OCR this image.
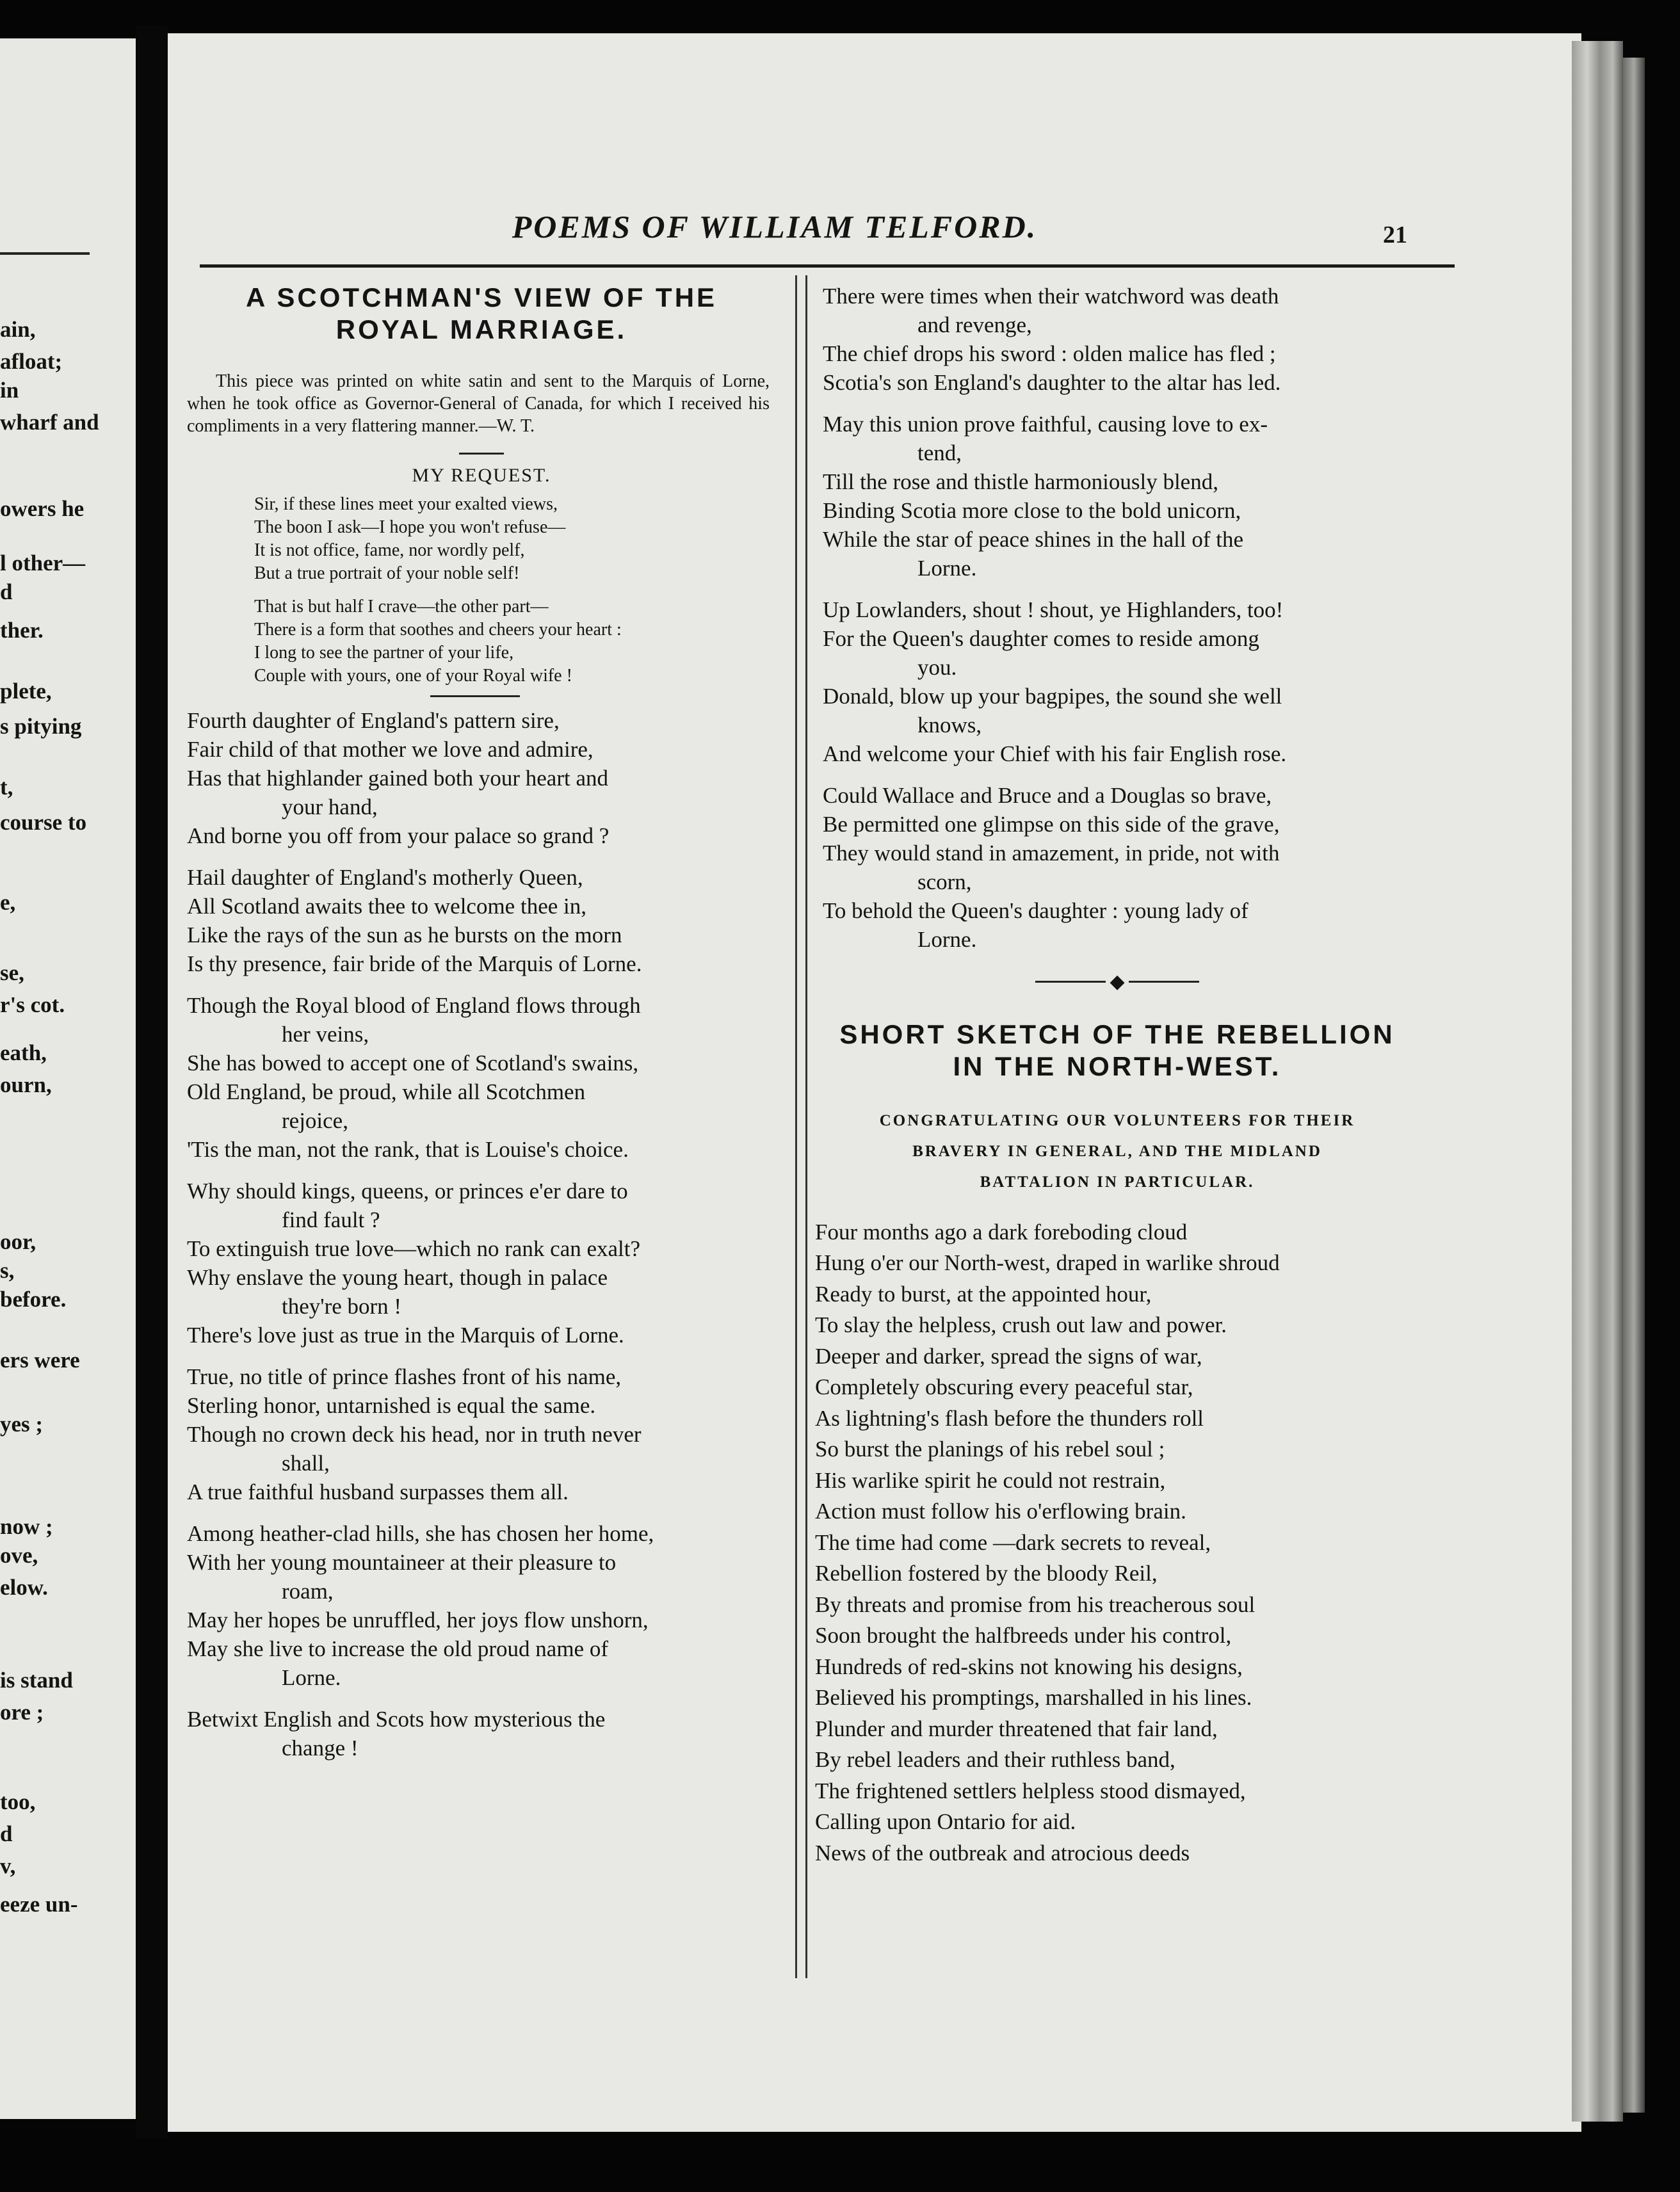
ain,
afloat;
in
wharf and
owers he
l other—
d
ther.
plete,
s pitying
t,
course to
e,
se,
r's cot.
eath,
ourn,
oor,
s,
before.
ers were
yes ;
now ;
ove,
elow.
is stand
ore ;
too,
d
v,
eeze un-
POEMS OF WILLIAM TELFORD.	21
A SCOTCHMAN'S VIEW OF THE
ROYAL MARRIAGE.

This piece was printed on white satin and sent to the Marquis of Lorne, when he took office as Governor-General of Canada, for which I received his compliments in a very flattering manner.—W. T.

MY REQUEST.

Sir, if these lines meet your exalted views,

The boon I ask—I hope you won't refuse—

It is not office, fame, nor wordly pelf,

But a true portrait of your noble self!

That is but half I crave—the other part—

There is a form that soothes and cheers your heart :

I long to see the partner of your life,

Couple with yours, one of your Royal wife !

Fourth daughter of England's pattern sire,
Fair child of that mother we love and admire,
Has that highlander gained both your heart and
your hand,
And borne you off from your palace so grand ?
Hail daughter of England's motherly Queen,
All Scotland awaits thee to welcome thee in,
Like the rays of the sun as he bursts on the morn
Is thy presence, fair bride of the Marquis of Lorne.
Though the Royal blood of England flows through
her veins,
She has bowed to accept one of Scotland's swains,
Old England, be proud, while all Scotchmen
rejoice,
'Tis the man, not the rank, that is Louise's choice.
Why should kings, queens, or princes e'er dare to
find fault ?
To extinguish true love—which no rank can exalt?
Why enslave the young heart, though in palace
they're born !
There's love just as true in the Marquis of Lorne.
True, no title of prince flashes front of his name,
Sterling honor, untarnished is equal the same.
Though no crown deck his head, nor in truth never
shall,
A true faithful husband surpasses them all.
Among heather-clad hills, she has chosen her home,
With her young mountaineer at their pleasure to
roam,
May her hopes be unruffled, her joys flow unshorn,
May she live to increase the old proud name of
Lorne.
Betwixt English and Scots how mysterious the
change !
There were times when their watchword was death
and revenge,
The chief drops his sword : olden malice has fled ;
Scotia's son England's daughter to the altar has led.
May this union prove faithful, causing love to ex-
tend,
Till the rose and thistle harmoniously blend,
Binding Scotia more close to the bold unicorn,
While the star of peace shines in the hall of the
Lorne.
Up Lowlanders, shout ! shout, ye Highlanders, too!
For the Queen's daughter comes to reside among
you.
Donald, blow up your bagpipes, the sound she well
knows,
And welcome your Chief with his fair English rose.
Could Wallace and Bruce and a Douglas so brave,
Be permitted one glimpse on this side of the grave,
They would stand in amazement, in pride, not with
scorn,
To behold the Queen's daughter : young lady of
Lorne.
◆
SHORT SKETCH OF THE REBELLION
IN THE NORTH-WEST.

CONGRATULATING OUR VOLUNTEERS FOR THEIR

BRAVERY IN GENERAL, AND THE MIDLAND

BATTALION IN PARTICULAR.

Four months ago a dark foreboding cloud
Hung o'er our North-west, draped in warlike shroud
Ready to burst, at the appointed hour,
To slay the helpless, crush out law and power.
Deeper and darker, spread the signs of war,
Completely obscuring every peaceful star,
As lightning's flash before the thunders roll
So burst the planings of his rebel soul ;
His warlike spirit he could not restrain,
Action must follow his o'erflowing brain.
The time had come —dark secrets to reveal,
Rebellion fostered by the bloody Reil,
By threats and promise from his treacherous soul
Soon brought the halfbreeds under his control,
Hundreds of red-skins not knowing his designs,
Believed his promptings, marshalled in his lines.
Plunder and murder threatened that fair land,
By rebel leaders and their ruthless band,
The frightened settlers helpless stood dismayed,
Calling upon Ontario for aid.
News of the outbreak and atrocious deeds
